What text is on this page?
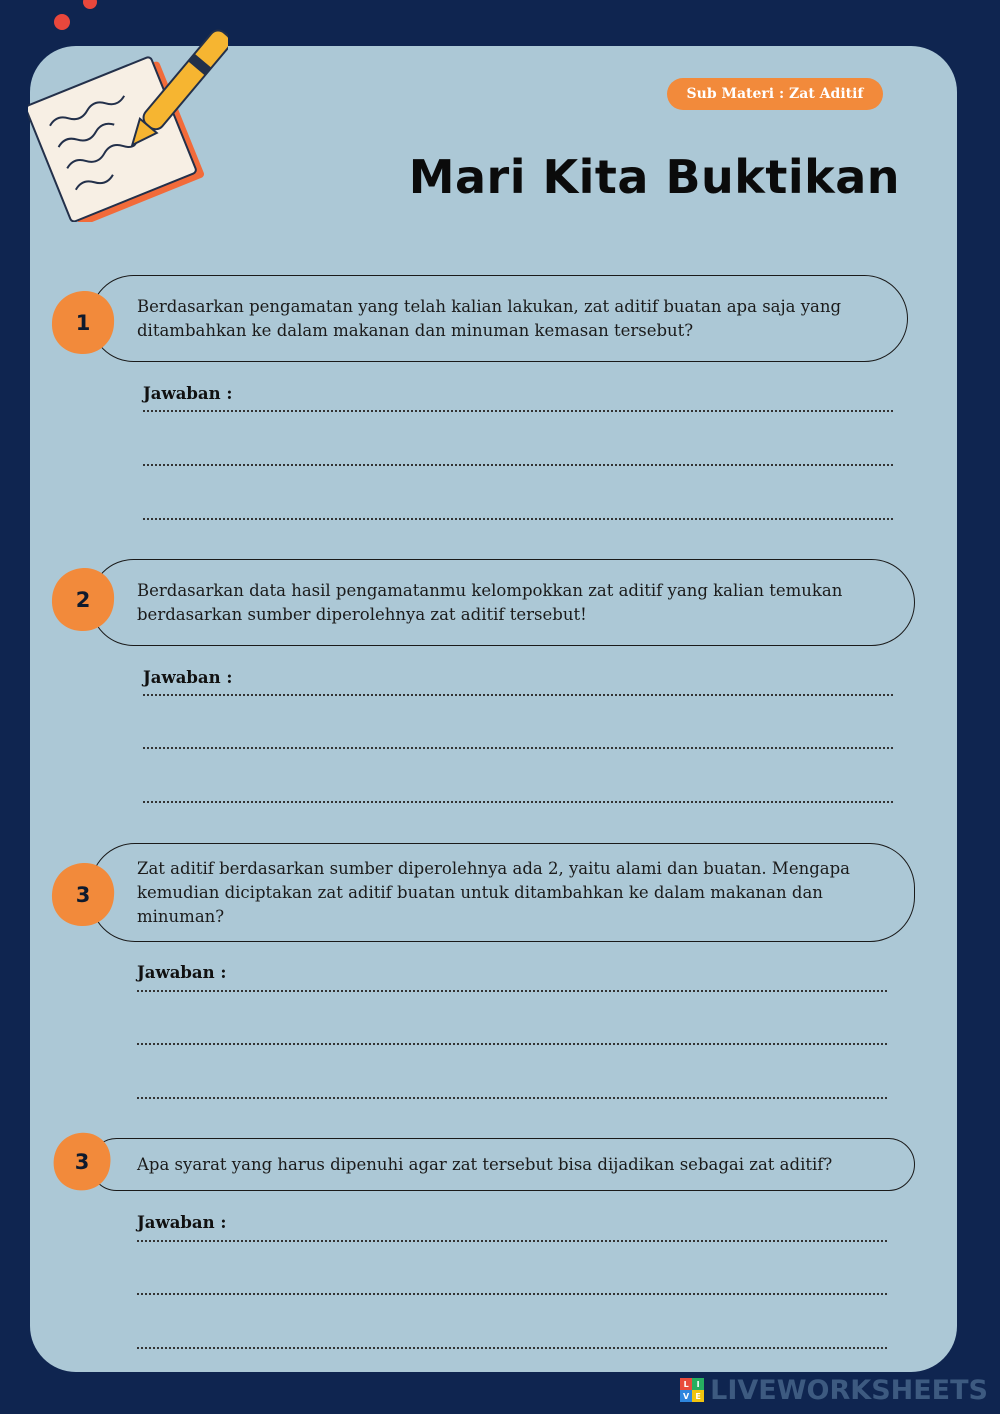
Sub Materi : Zat Aditif
Mari Kita Buktikan
Berdasarkan pengamatan yang telah kalian lakukan, zat aditif buatan apa saja yang ditambahkan ke dalam makanan dan minuman kemasan tersebut?
1
Jawaban :
Berdasarkan data hasil pengamatanmu kelompokkan zat aditif yang kalian temukan berdasarkan sumber diperolehnya zat aditif tersebut!
2
Jawaban :
Zat aditif berdasarkan sumber diperolehnya ada 2, yaitu alami dan buatan. Mengapa kemudian diciptakan zat aditif buatan untuk ditambahkan ke dalam makanan dan minuman?
3
Jawaban :
Apa syarat yang harus dipenuhi agar zat tersebut bisa dijadikan sebagai zat aditif?
3
Jawaban :
L I
V E LIVEWORKSHEETS
